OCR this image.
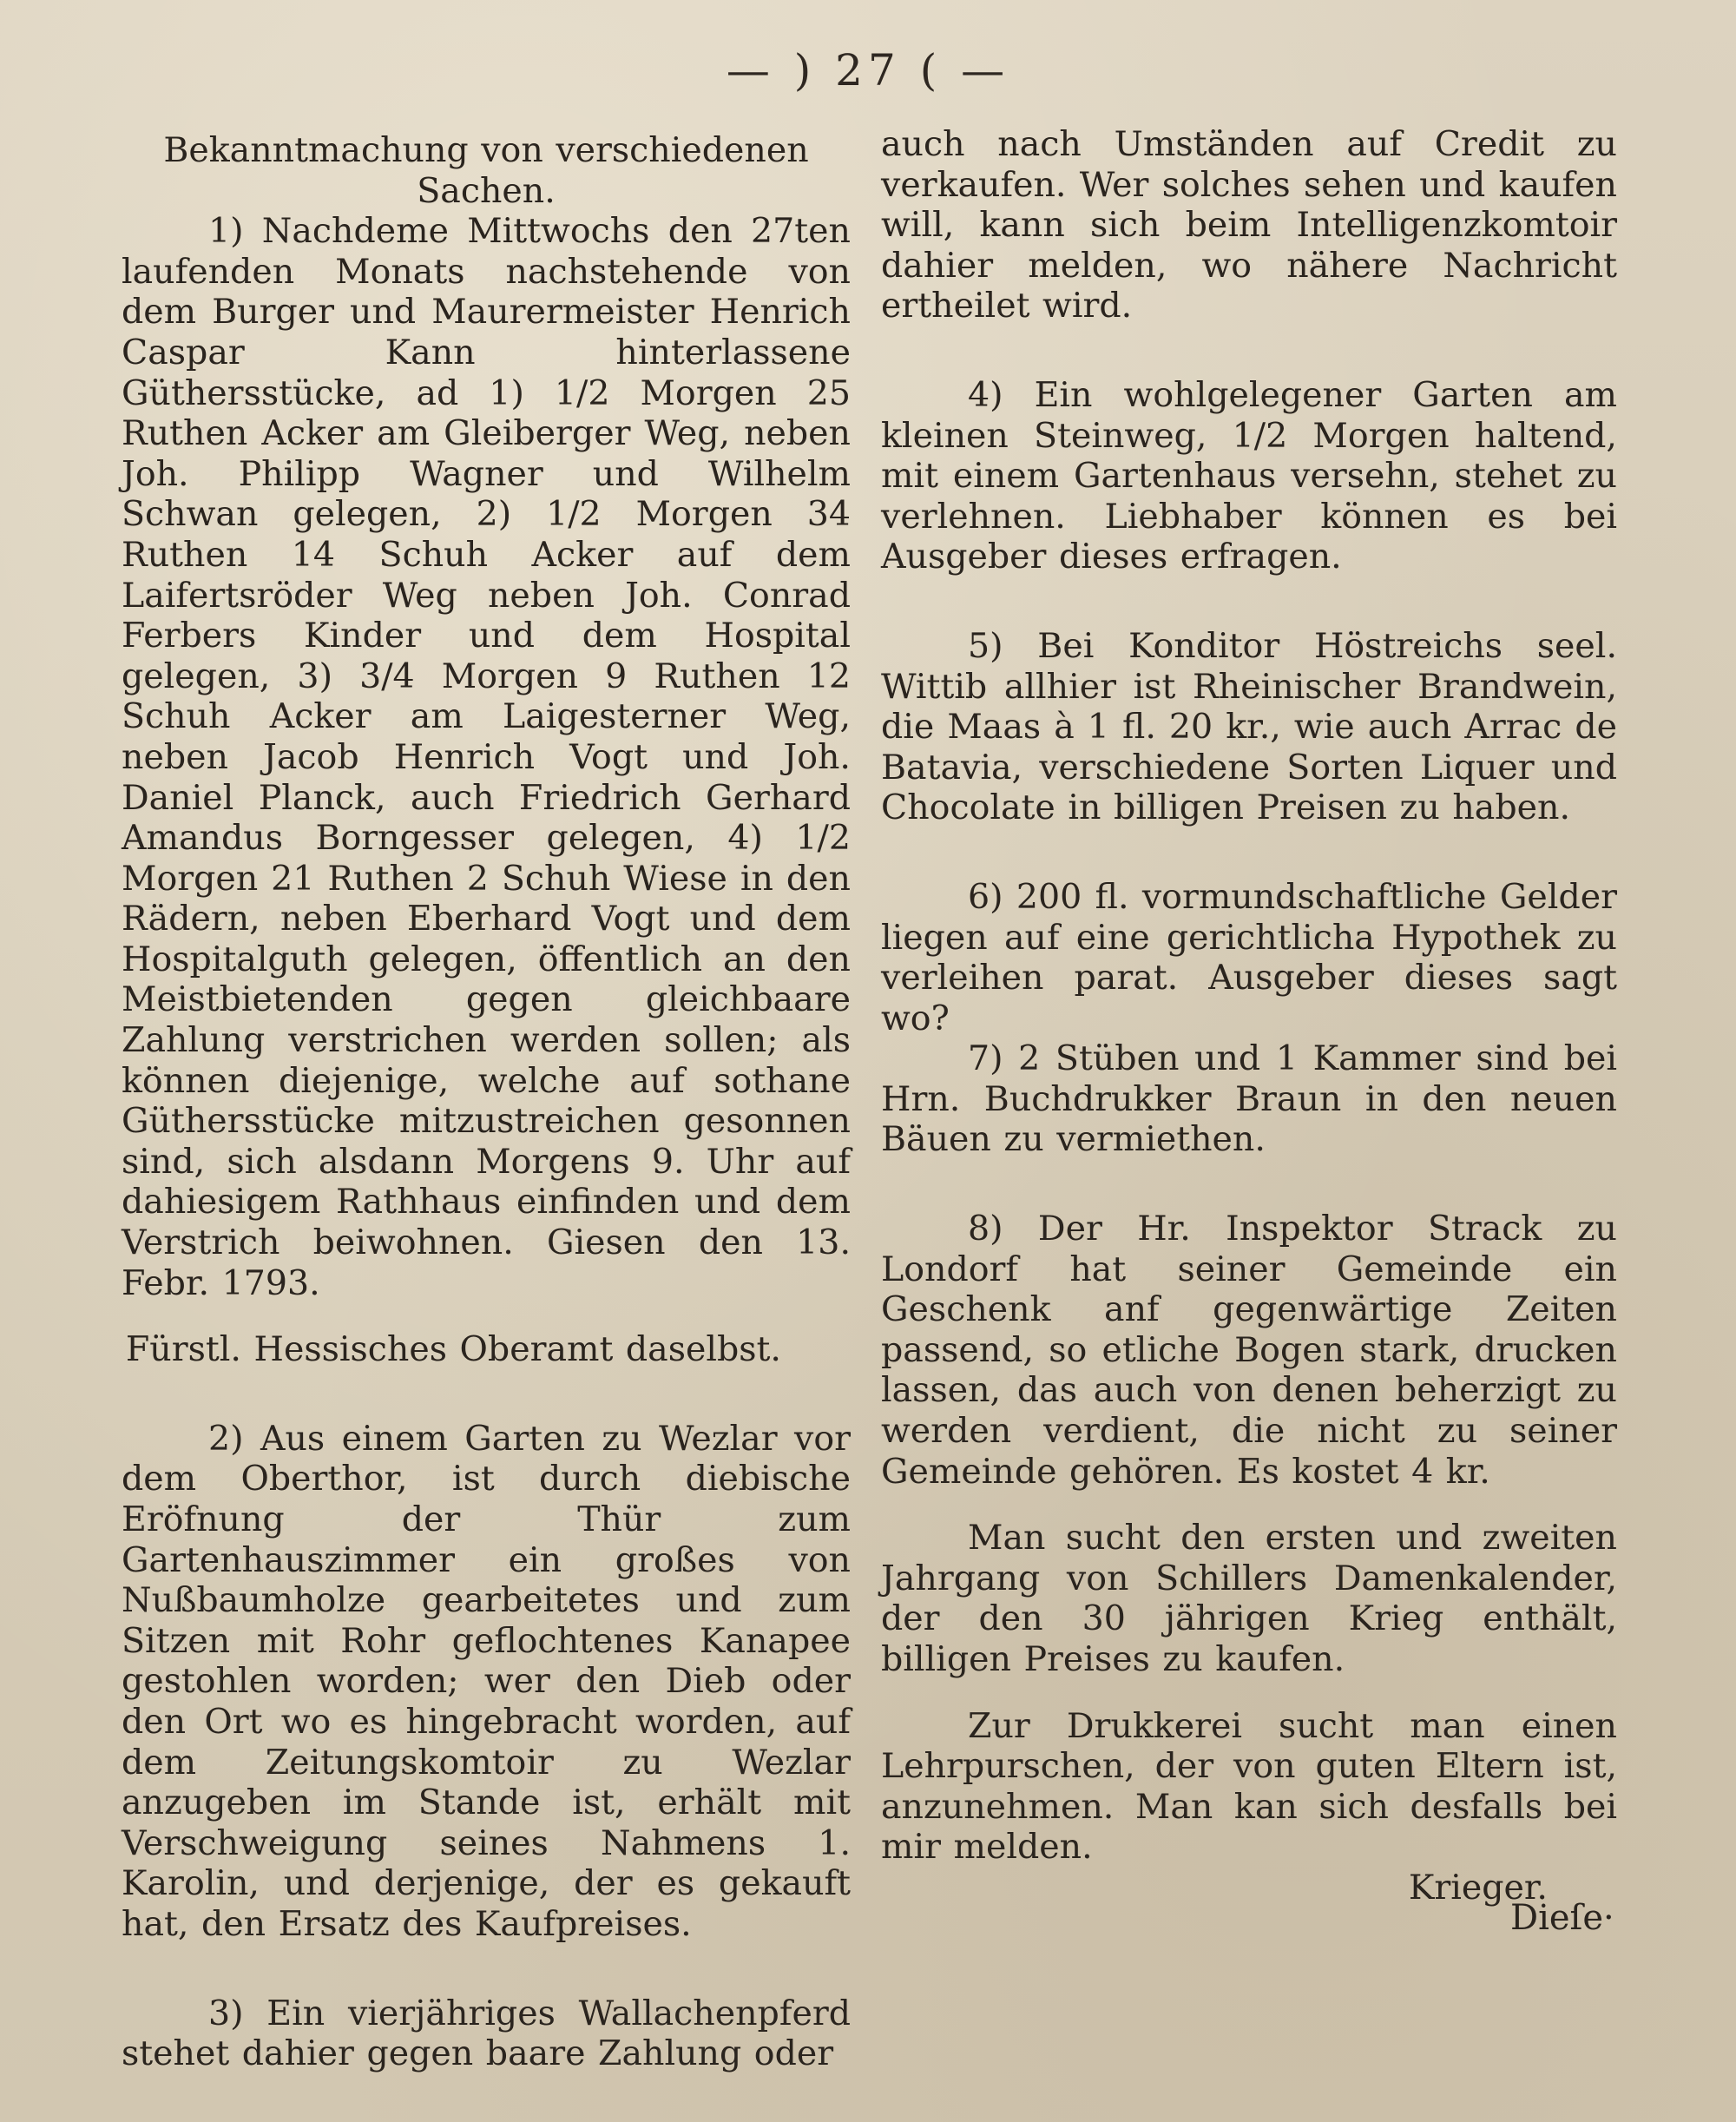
— ) 27 ( —

Bekanntmachung von verschiedenen
Sachen.

1) Nachdeme Mittwochs den 27ten laufenden Monats nachstehende von dem Burger und Maurermeister Henrich Caspar Kann hinterlassene Güthersstücke, ad 1) 1/2 Morgen 25 Ruthen Acker am Gleiberger Weg, neben Joh. Philipp Wagner und Wilhelm Schwan gelegen, 2) 1/2 Morgen 34 Ruthen 14 Schuh Acker auf dem Laifertsröder Weg neben Joh. Conrad Ferbers Kinder und dem Hospital gelegen, 3) 3/4 Morgen 9 Ruthen 12 Schuh Acker am Laigesterner Weg, neben Jacob Henrich Vogt und Joh. Daniel Planck, auch Friedrich Gerhard Amandus Borngesser gelegen, 4) 1/2 Morgen 21 Ruthen 2 Schuh Wiese in den Rädern, neben Eberhard Vogt und dem Hospitalguth gelegen, öffentlich an den Meistbietenden gegen gleichbaare Zahlung verstrichen werden sollen; als können diejenige, welche auf sothane Güthersstücke mitzustreichen gesonnen sind, sich alsdann Morgens 9. Uhr auf dahiesigem Rathhaus einfinden und dem Verstrich beiwohnen. Giesen den 13. Febr. 1793.

Fürstl. Hessisches Oberamt daselbst.

2) Aus einem Garten zu Wezlar vor dem Oberthor, ist durch diebische Eröfnung der Thür zum Gartenhauszimmer ein großes von Nußbaumholze gearbeitetes und zum Sitzen mit Rohr geflochtenes Kanapee gestohlen worden; wer den Dieb oder den Ort wo es hingebracht worden, auf dem Zeitungskomtoir zu Wezlar anzugeben im Stande ist, erhält mit Verschweigung seines Nahmens 1. Karolin, und derjenige, der es gekauft hat, den Ersatz des Kaufpreises.

3) Ein vierjähriges Wallachenpferd stehet dahier gegen baare Zahlung oder

auch nach Umständen auf Credit zu verkaufen. Wer solches sehen und kaufen will, kann sich beim Intelligenzkomtoir dahier melden, wo nähere Nachricht ertheilet wird.

4) Ein wohlgelegener Garten am kleinen Steinweg, 1/2 Morgen haltend, mit einem Gartenhaus versehn, stehet zu verlehnen. Liebhaber können es bei Ausgeber dieses erfragen.

5) Bei Konditor Höstreichs seel. Wittib allhier ist Rheinischer Brandwein, die Maas à 1 fl. 20 kr., wie auch Arrac de Batavia, verschiedene Sorten Liquer und Chocolate in billigen Preisen zu haben.

6) 200 fl. vormundschaftliche Gelder liegen auf eine gerichtlicha Hypothek zu verleihen parat. Ausgeber dieses sagt wo?

7) 2 Stüben und 1 Kammer sind bei Hrn. Buchdrukker Braun in den neuen Bäuen zu vermiethen.

8) Der Hr. Inspektor Strack zu Londorf hat seiner Gemeinde ein Geschenk anf gegenwärtige Zeiten passend, so etliche Bogen stark, drucken lassen, das auch von denen beherzigt zu werden verdient, die nicht zu seiner Gemeinde gehören. Es kostet 4 kr.

Man sucht den ersten und zweiten Jahrgang von Schillers Damenkalender, der den 30 jährigen Krieg enthält, billigen Preises zu kaufen.

Zur Drukkerei sucht man einen Lehrpurschen, der von guten Eltern ist, anzunehmen. Man kan sich desfalls bei mir melden.

Krieger.

Dieſe·
